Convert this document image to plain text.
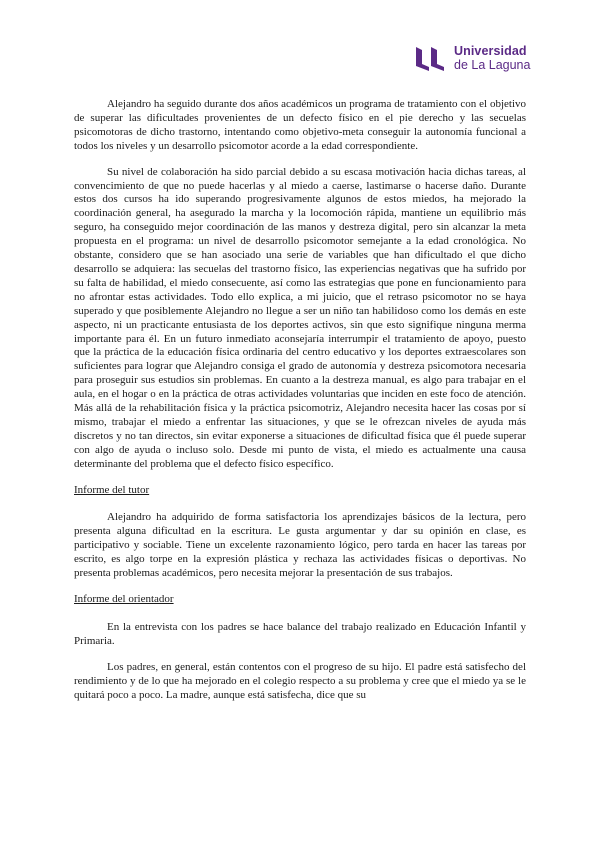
Universidad
de La Laguna

Alejandro ha seguido durante dos años académicos un programa de tratamiento con el objetivo de superar las dificultades provenientes de un defecto físico en el pie derecho y las secuelas psicomotoras de dicho trastorno, intentando como objetivo-meta conseguir la autonomía funcional a todos los niveles y un desarrollo psicomotor acorde a la edad correspondiente.

Su nivel de colaboración ha sido parcial debido a su escasa motivación hacia dichas tareas, al convencimiento de que no puede hacerlas y al miedo a caerse, lastimarse o hacerse daño. Durante estos dos cursos ha ido superando progresivamente algunos de estos miedos, ha mejorado la coordinación general, ha asegurado la marcha y la locomoción rápida, mantiene un equilibrio más seguro, ha conseguido mejor coordinación de las manos y destreza digital, pero sin alcanzar la meta propuesta en el programa: un nivel de desarrollo psicomotor semejante a la edad cronológica. No obstante, considero que se han asociado una serie de variables que han dificultado el que dicho desarrollo se adquiera: las secuelas del trastorno físico, las experiencias negativas que ha sufrido por su falta de habilidad, el miedo consecuente, así como las estrategias que pone en funcionamiento para no afrontar estas actividades. Todo ello explica, a mi juicio, que el retraso psicomotor no se haya superado y que posiblemente Alejandro no llegue a ser un niño tan habilidoso como los demás en este aspecto, ni un practicante entusiasta de los deportes activos, sin que esto signifique ninguna merma importante para él. En un futuro inmediato aconsejaría interrumpir el tratamiento de apoyo, puesto que la práctica de la educación física ordinaria del centro educativo y los deportes extraescolares son suficientes para lograr que Alejandro consiga el grado de autonomía y destreza psicomotora necesaria para proseguir sus estudios sin problemas. En cuanto a la destreza manual, es algo para trabajar en el aula, en el hogar o en la práctica de otras actividades voluntarias que inciden en este foco de atención. Más allá de la rehabilitación física y la práctica psicomotriz, Alejandro necesita hacer las cosas por sí mismo, trabajar el miedo a enfrentar las situaciones, y que se le ofrezcan niveles de ayuda más discretos y no tan directos, sin evitar exponerse a situaciones de dificultad física que él puede superar con algo de ayuda o incluso solo. Desde mi punto de vista, el miedo es actualmente una causa determinante del problema que el defecto físico específico.

Informe del tutor

Alejandro ha adquirido de forma satisfactoria los aprendizajes básicos de la lectura, pero presenta alguna dificultad en la escritura. Le gusta argumentar y dar su opinión en clase, es participativo y sociable. Tiene un excelente razonamiento lógico, pero tarda en hacer las tareas por escrito, es algo torpe en la expresión plástica y rechaza las actividades físicas o deportivas. No presenta problemas académicos, pero necesita mejorar la presentación de sus trabajos.

Informe del orientador

En la entrevista con los padres se hace balance del trabajo realizado en Educación Infantil y Primaria.

Los padres, en general, están contentos con el progreso de su hijo. El padre está satisfecho del rendimiento y de lo que ha mejorado en el colegio respecto a su problema y cree que el miedo ya se le quitará poco a poco. La madre, aunque está satisfecha, dice que su
